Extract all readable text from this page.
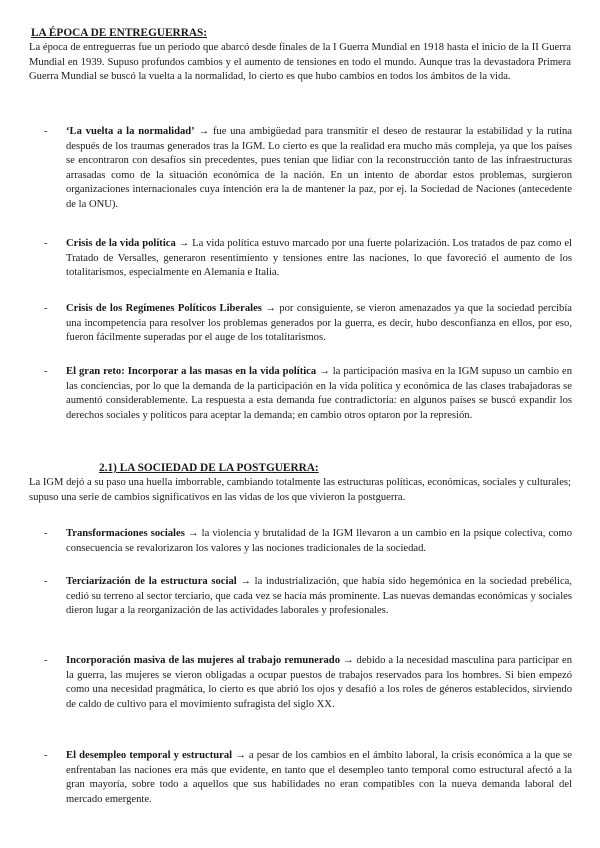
LA ÉPOCA DE ENTREGUERRAS:

La época de entreguerras fue un periodo que abarcó desde finales de la I Guerra Mundial en 1918 hasta el inicio de la II Guerra Mundial en 1939. Supuso profundos cambios y el aumento de tensiones en todo el mundo. Aunque tras la devastadora Primera Guerra Mundial se buscó la vuelta a la normalidad, lo cierto es que hubo cambios en todos los ámbitos de la vida.

- ‘La vuelta a la normalidad’ → fue una ambigüedad para transmitir el deseo de restaurar la estabilidad y la rutina después de los traumas generados tras la IGM. Lo cierto es que la realidad era mucho más compleja, ya que los países se encontraron con desafíos sin precedentes, pues tenían que lidiar con la reconstrucción tanto de las infraestructuras arrasadas como de la situación económica de la nación. En un intento de abordar estos problemas, surgieron organizaciones internacionales cuya intención era la de mantener la paz, por ej. la Sociedad de Naciones (antecedente de la ONU).

- Crisis de la vida política → La vida política estuvo marcado por una fuerte polarización. Los tratados de paz como el Tratado de Versalles, generaron resentimiento y tensiones entre las naciones, lo que favoreció el aumento de los totalitarismos, especialmente en Alemania e Italia.

- Crisis de los Regímenes Políticos Liberales → por consiguiente, se vieron amenazados ya que la sociedad percibía una incompetencia para resolver los problemas generados por la guerra, es decir, hubo desconfianza en ellos, por eso, fueron fácilmente superadas por el auge de los totalitarismos.

- El gran reto: Incorporar a las masas en la vida política → la participación masiva en la IGM supuso un cambio en las conciencias, por lo que la demanda de la participación en la vida política y económica de las clases trabajadoras se aumentó considerablemente. La respuesta a esta demanda fue contradictoria: en algunos países se buscó expandir los derechos sociales y políticos para aceptar la demanda; en cambio otros optaron por la represión.

2.1) LA SOCIEDAD DE LA POSTGUERRA:

La IGM dejó a su paso una huella imborrable, cambiando totalmente las estructuras políticas, económicas, sociales y culturales; supuso una serie de cambios significativos en las vidas de los que vivieron la postguerra.

- Transformaciones sociales → la violencia y brutalidad de la IGM llevaron a un cambio en la psique colectiva, como consecuencia se revalorizaron los valores y las nociones tradicionales de la sociedad.

- Terciarización de la estructura social → la industrialización, que había sido hegemónica en la sociedad prebélica, cedió su terreno al sector terciario, que cada vez se hacía más prominente. Las nuevas demandas económicas y sociales dieron lugar a la reorganización de las actividades laborales y profesionales.

- Incorporación masiva de las mujeres al trabajo remunerado → debido a la necesidad masculina para participar en la guerra, las mujeres se vieron obligadas a ocupar puestos de trabajos reservados para los hombres. Si bien empezó como una necesidad pragmática, lo cierto es que abrió los ojos y desafió a los roles de géneros establecidos, sirviendo de caldo de cultivo para el movimiento sufragista del siglo XX.

- El desempleo temporal y estructural → a pesar de los cambios en el ámbito laboral, la crisis económica a la que se enfrentaban las naciones era más que evidente, en tanto que el desempleo tanto temporal como estructural afectó a la gran mayoría, sobre todo a aquellos que sus habilidades no eran compatibles con la nueva demanda laboral del mercado emergente.
